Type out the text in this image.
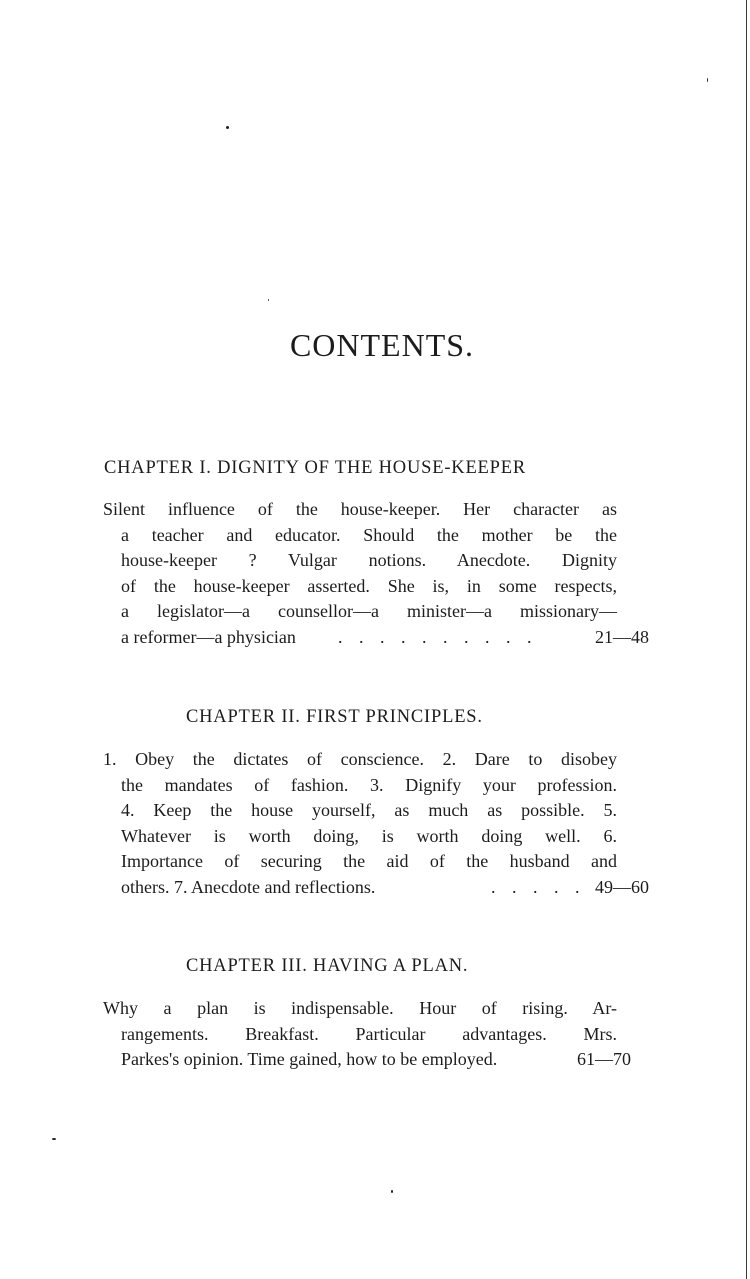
CONTENTS.
CHAPTER I. DIGNITY OF THE HOUSE-KEEPER
Silent influence of the house-keeper. Her character as
a teacher and educator. Should the mother be the
house-keeper ? Vulgar notions. Anecdote. Dignity
of the house-keeper asserted. She is, in some respects,
a legislator—a counsellor—a minister—a missionary—
a reformer—a physician . . . . . . . . . .	21—48
CHAPTER II. FIRST PRINCIPLES.
1. Obey the dictates of conscience. 2. Dare to disobey
the mandates of fashion. 3. Dignify your profession.
4. Keep the house yourself, as much as possible. 5.
Whatever is worth doing, is worth doing well. 6.
Importance of securing the aid of the husband and
others. 7. Anecdote and reflections.	. . . . . 49—60
CHAPTER III. HAVING A PLAN.
Why a plan is indispensable. Hour of rising. Ar-
rangements. Breakfast. Particular advantages. Mrs.
Parkes's opinion. Time gained, how to be employed.	61—70
